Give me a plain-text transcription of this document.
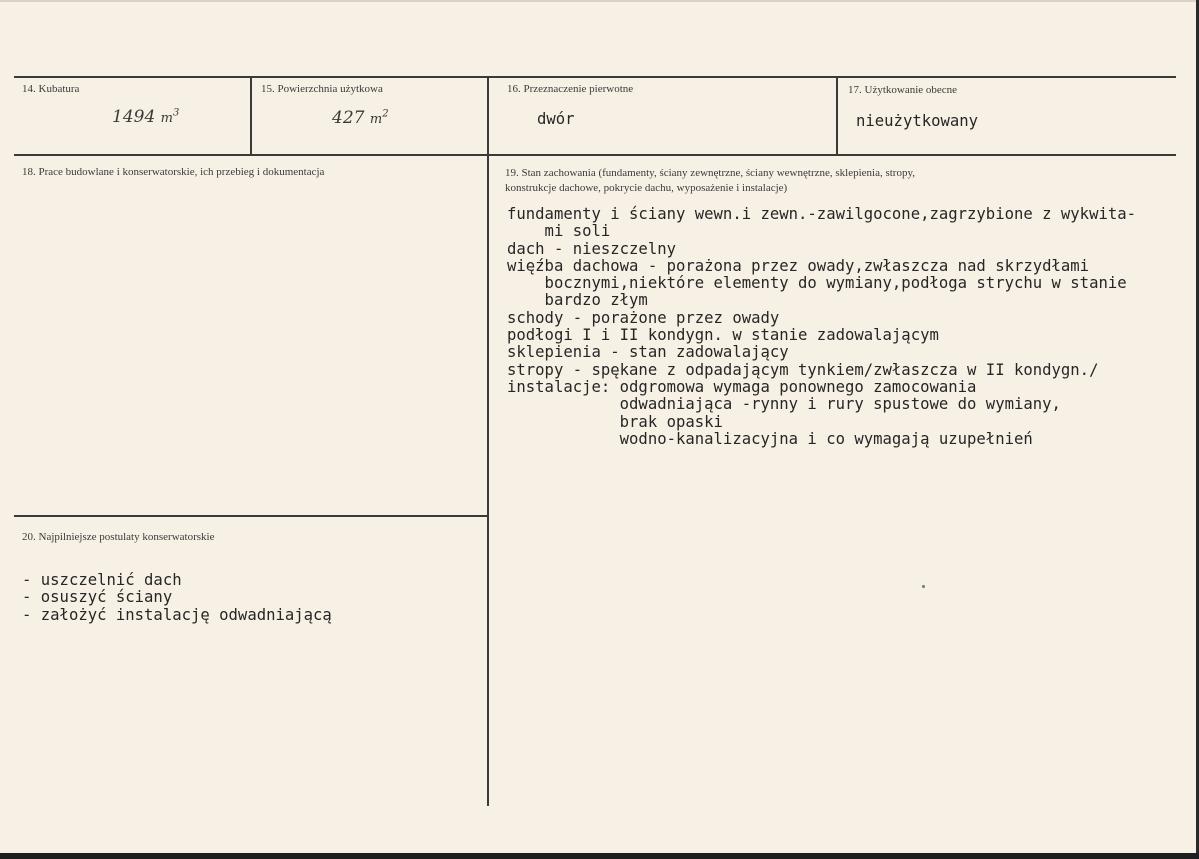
14. Kubatura
1494 $m^3$
15. Powierzchnia użytkowa
427 $m^2$
16. Przeznaczenie pierwotne
dwór
17. Użytkowanie obecne
nieużytkowany
18. Prace budowlane i konserwatorskie, ich przebieg i dokumentacja	19. Stan zachowania (fundamenty, ściany zewnętrzne, ściany wewnętrzne, sklepienia, stropy,
konstrukcje dachowe, pokrycie dachu, wyposażenie i instalacje)
fundamenty i ściany wewn.i zewn.-zawilgocone,zagrzybione z wykwita-
mi soli
dach - nieszczelny
więźba dachowa - porażona przez owady,zwłaszcza nad skrzydłami
bocznymi,niektóre elementy do wymiany,podłoga strychu w stanie
bardzo złym
schody - porażone przez owady
podłogi I i II kondygn. w stanie zadowalającym
sklepienia - stan zadowalający
stropy - spękane z odpadającym tynkiem/zwłaszcza w II kondygn./
instalacje: odgromowa wymaga ponownego zamocowania
odwadniająca -rynny i rury spustowe do wymiany,
brak opaski
wodno-kanalizacyjna i co wymagają uzupełnień
20. Najpilniejsze postulaty konserwatorskie
- uszczelnić dach
- osuszyć ściany
- założyć instalację odwadniającą
